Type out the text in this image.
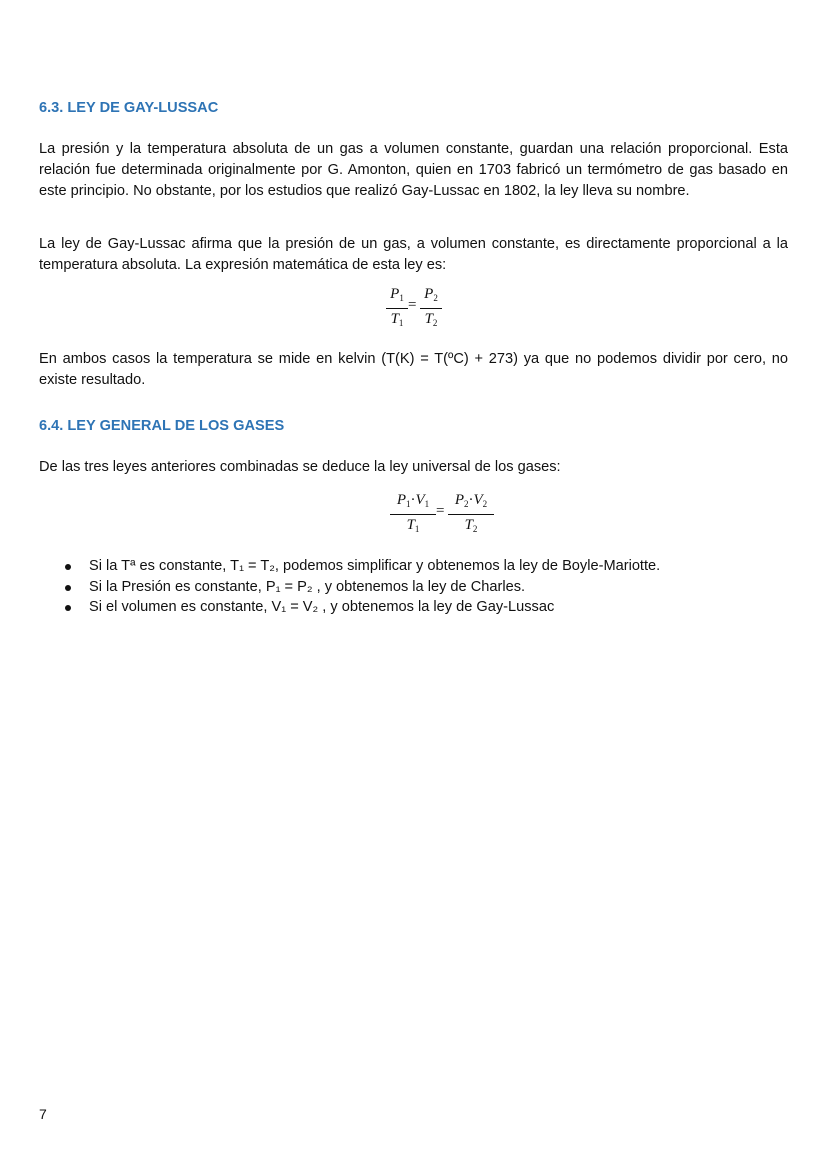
6.3. LEY DE GAY-LUSSAC

La presión y la temperatura absoluta de un gas a volumen constante, guardan una relación proporcional. Esta relación fue determinada originalmente por G. Amonton, quien en 1703 fabricó un termómetro de gas basado en este principio. No obstante, por los estudios que realizó Gay-Lussac en 1802, la ley lleva su nombre.

La ley de Gay-Lussac afirma que la presión de un gas, a volumen constante, es directamente proporcional a la temperatura absoluta. La expresión matemática de esta ley es:

$\frac{P_1}{T_1} = \frac{P_2}{T_2}$

En ambos casos la temperatura se mide en kelvin (T(K) = T(ºC) + 273) ya que no podemos dividir por cero, no existe resultado.

6.4. LEY GENERAL DE LOS GASES

De las tres leyes anteriores combinadas se deduce la ley universal de los gases:

$\frac{P_1\cdot V_1}{T_1} = \frac{P_2\cdot V_2}{T_2}$
Si la Tª es constante, T₁ = T₂, podemos simplificar y obtenemos la ley de Boyle-Mariotte.
Si la Presión es constante, P₁ = P₂ , y obtenemos la ley de Charles.
Si el volumen es constante, V₁ = V₂ , y obtenemos la ley de Gay-Lussac
7
